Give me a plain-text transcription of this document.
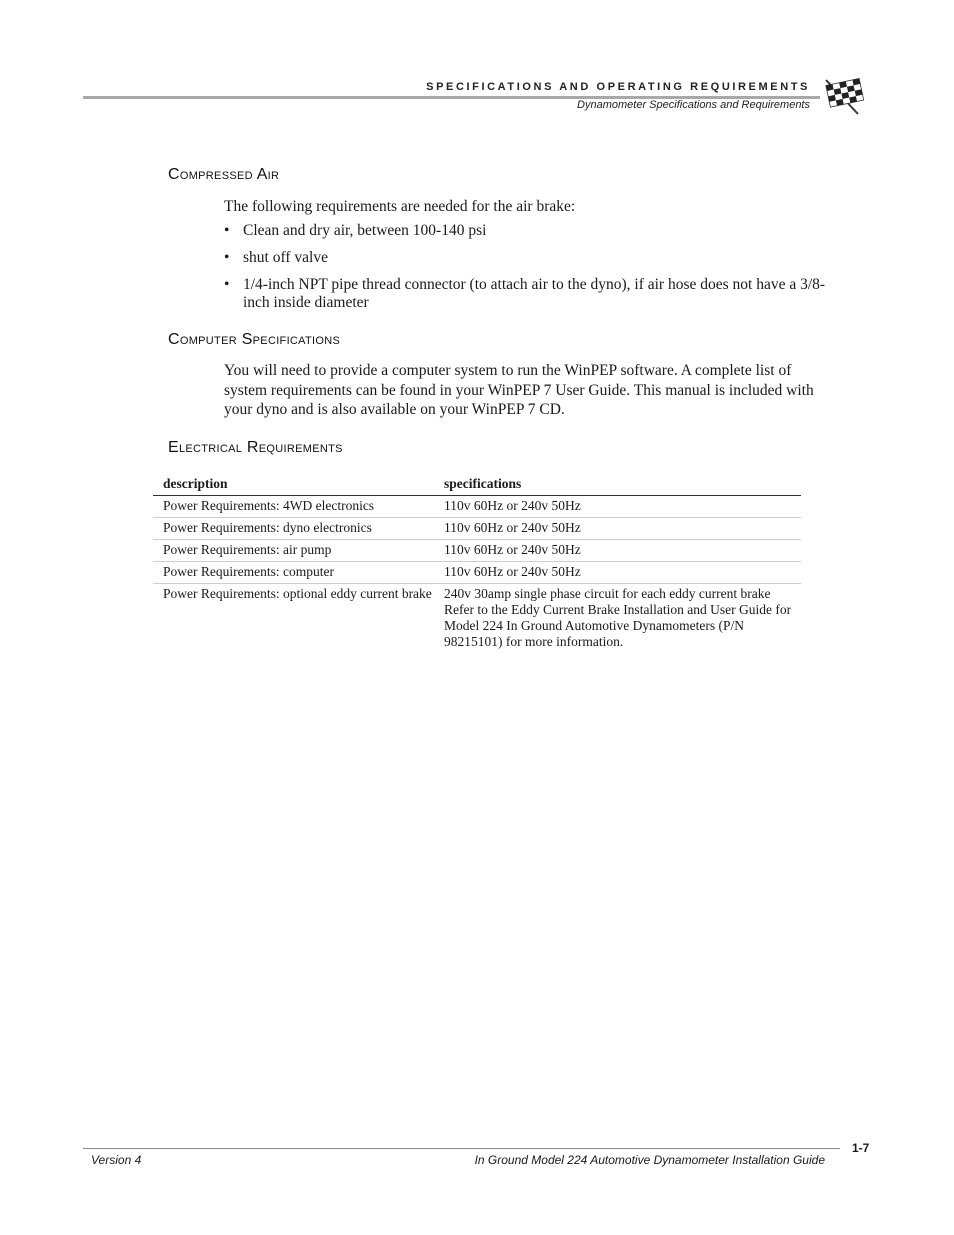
SPECIFICATIONS AND OPERATING REQUIREMENTS
Dynamometer Specifications and Requirements
Compressed Air

The following requirements are needed for the air brake:

• Clean and dry air, between 100-140 psi
• shut off valve
• 1/4-inch NPT pipe thread connector (to attach air to the dyno), if air hose does not have a 3/8-inch inside diameter
Computer Specifications

You will need to provide a computer system to run the WinPEP software. A complete list of system requirements can be found in your WinPEP 7 User Guide. This manual is included with your dyno and is also available on your WinPEP 7 CD.

Electrical Requirements
description	specifications
Power Requirements: 4WD electronics	110v 60Hz or 240v 50Hz
Power Requirements: dyno electronics	110v 60Hz or 240v 50Hz
Power Requirements: air pump	110v 60Hz or 240v 50Hz
Power Requirements: computer	110v 60Hz or 240v 50Hz
Power Requirements: optional eddy current brake	240v 30amp single phase circuit for each eddy current brake
Refer to the Eddy Current Brake Installation and User Guide for Model 224 In Ground Automotive Dynamometers (P/N 98215101) for more information.
1-7
Version 4	In Ground Model 224 Automotive Dynamometer Installation Guide
